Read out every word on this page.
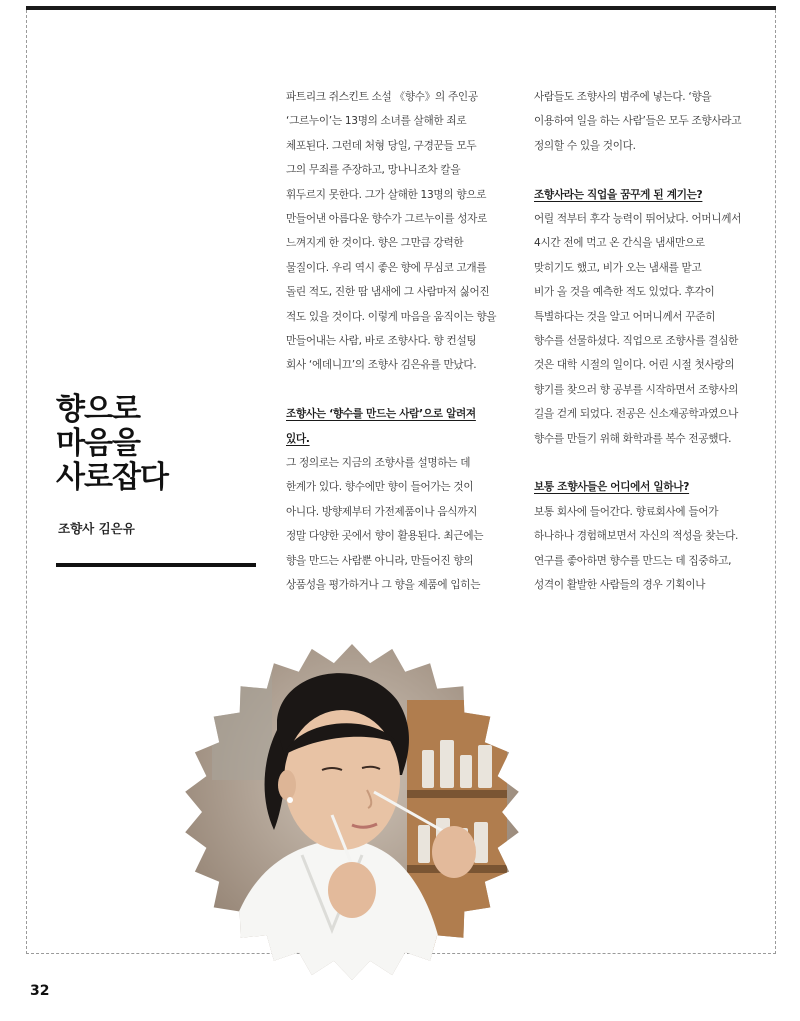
향으로
마음을
사로잡다
조향사 김은유

파트리크 쥐스킨트 소설 《향수》의 주인공

‘그르누이’는 13명의 소녀를 살해한 죄로

체포된다. 그런데 처형 당일, 구경꾼들 모두

그의 무죄를 주장하고, 망나니조차 칼을

휘두르지 못한다. 그가 살해한 13명의 향으로

만들어낸 아름다운 향수가 그르누이를 성자로

느껴지게 한 것이다. 향은 그만큼 강력한

물질이다. 우리 역시 좋은 향에 무심코 고개를

돌린 적도, 진한 땀 냄새에 그 사람마저 싫어진

적도 있을 것이다. 이렇게 마음을 움직이는 향을

만들어내는 사람, 바로 조향사다. 향 컨설팅

회사 ‘에데니끄’의 조향사 김은유를 만났다.

조향사는 ‘향수를 만드는 사람’으로 알려져

있다.

그 정의로는 지금의 조향사를 설명하는 데

한계가 있다. 향수에만 향이 들어가는 것이

아니다. 방향제부터 가전제품이나 음식까지

정말 다양한 곳에서 향이 활용된다. 최근에는

향을 만드는 사람뿐 아니라, 만들어진 향의

상품성을 평가하거나 그 향을 제품에 입히는

사람들도 조향사의 범주에 넣는다. ‘향을

이용하여 일을 하는 사람’들은 모두 조향사라고

정의할 수 있을 것이다.

조향사라는 직업을 꿈꾸게 된 계기는?

어릴 적부터 후각 능력이 뛰어났다. 어머니께서

4시간 전에 먹고 온 간식을 냄새만으로

맞히기도 했고, 비가 오는 냄새를 맡고

비가 올 것을 예측한 적도 있었다. 후각이

특별하다는 것을 알고 어머니께서 꾸준히

향수를 선물하셨다. 직업으로 조향사를 결심한

것은 대학 시절의 일이다. 어린 시절 첫사랑의

향기를 찾으러 향 공부를 시작하면서 조향사의

길을 걷게 되었다. 전공은 신소재공학과였으나

향수를 만들기 위해 화학과를 복수 전공했다.

보통 조향사들은 어디에서 일하나?

보통 회사에 들어간다. 향료회사에 들어가

하나하나 경험해보면서 자신의 적성을 찾는다.

연구를 좋아하면 향수를 만드는 데 집중하고,

성격이 활발한 사람들의 경우 기획이나

32
